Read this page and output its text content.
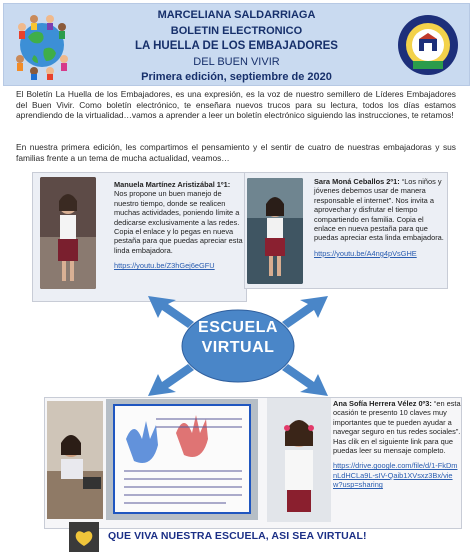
MARCELIANA SALDARRIAGA
BOLETIN ELECTRONICO
LA HUELLA DE LOS EMBAJADORES
DEL BUEN VIVIR
Primera edición, septiembre de 2020

El Boletín La Huella de los Embajadores, es una expresión, es la voz de nuestro semillero de Líderes Embajadores del Buen Vivir. Como boletín electrónico, te enseñara nuevos trucos para su lectura, todos los días estamos aprendiendo de la virtualidad…vamos a aprender a leer un boletín electrónico siguiendo las instrucciones, te retamos!

En nuestra primera edición, les compartimos el pensamiento y el sentir de cuatro de nuestras embajadoras y sus familias frente a un tema de mucha actualidad, veamos…

Manuela Martínez Aristizábal 1º1:
Nos propone un buen manejo de nuestro tiempo, donde se realicen muchas actividades, poniendo límite a dedicarse exclusivamente a las redes. Copia el enlace y lo pegas en nueva pestaña para que puedas apreciar esta linda embajadora.
https://youtu.be/Z3hGej6eGFU
Sara Moná Ceballos 2º1: “Los niños y jóvenes debemos usar de manera responsable el internet”. Nos invita a aprovechar y disfrutar el tiempo compartiendo en familia. Copia el enlace en nueva pestaña para que puedas apreciar esta linda embajadora.
https://youtu.be/A4ng4pVsGHE
Ana Sofía Herrera Vélez 0º3: “en esta ocasión te presento 10 claves muy importantes que te pueden ayudar a navegar seguro en tus redes sociales”. Has clik en el siguiente link para que puedas leer su mensaje completo.
https://drive.google.com/file/d/1-FkDmnLdHCLa9L-sIV-Qaib1XVsxz3Bx/view?usp=sharing
ESCUELA
VIRTUAL
QUE VIVA NUESTRA ESCUELA, ASI SEA VIRTUAL!
